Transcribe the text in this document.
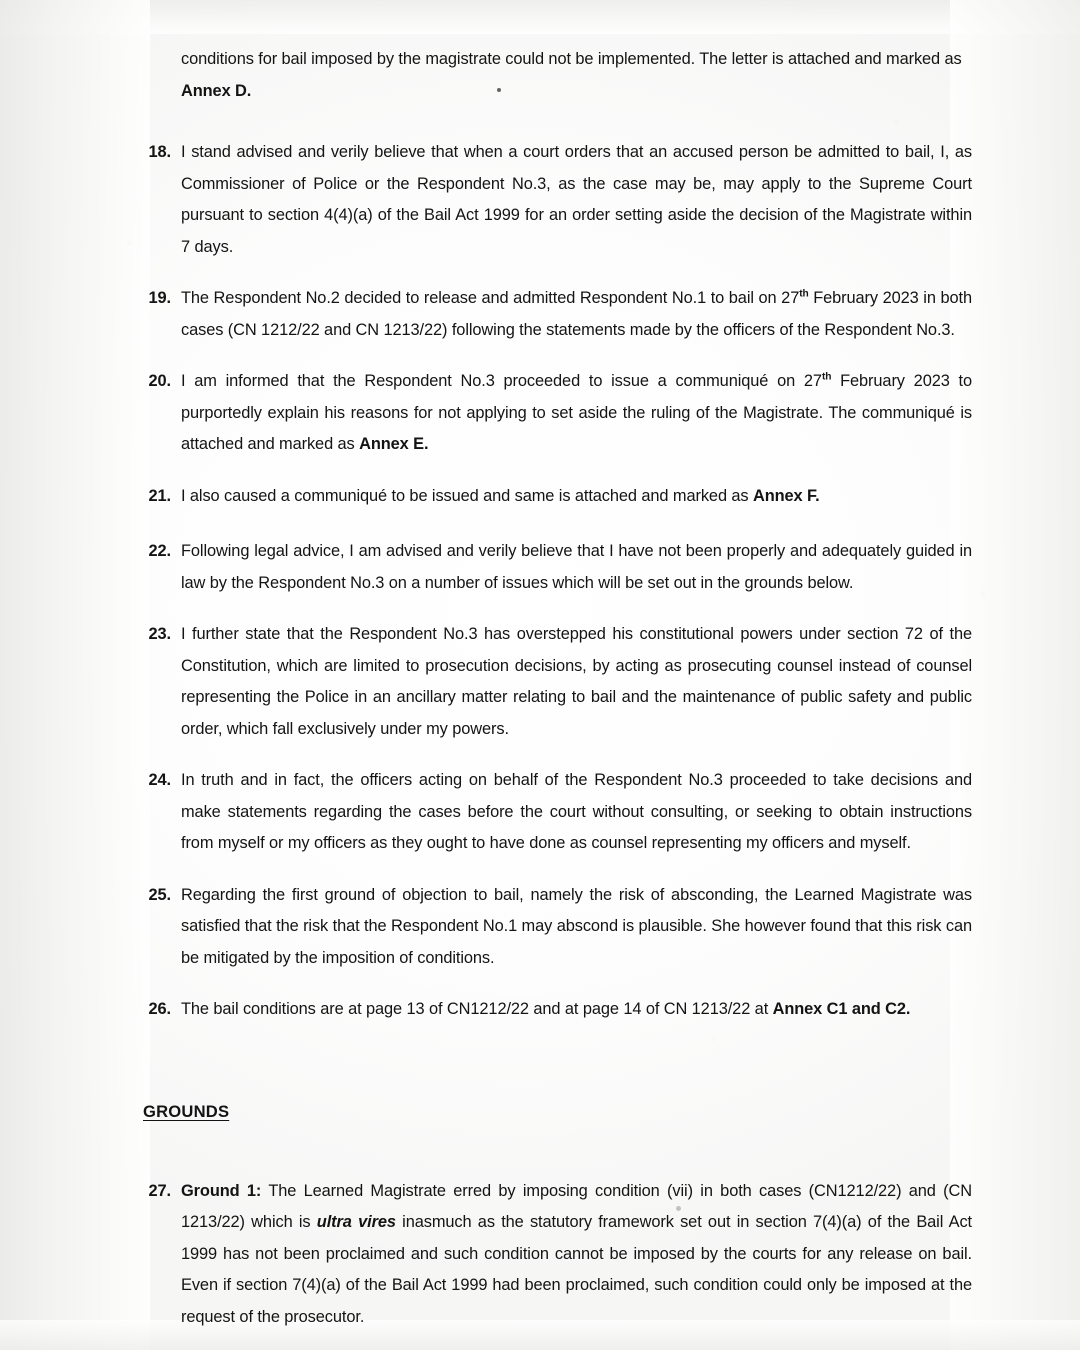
conditions for bail imposed by the magistrate could not be implemented. The letter is attached and marked as Annex D.
18. I stand advised and verily believe that when a court orders that an accused person be admitted to bail, I, as Commissioner of Police or the Respondent No.3, as the case may be, may apply to the Supreme Court pursuant to section 4(4)(a) of the Bail Act 1999 for an order setting aside the decision of the Magistrate within 7 days.
19. The Respondent No.2 decided to release and admitted Respondent No.1 to bail on 27th February 2023 in both cases (CN 1212/22 and CN 1213/22) following the statements made by the officers of the Respondent No.3.
20. I am informed that the Respondent No.3 proceeded to issue a communiqué on 27th February 2023 to purportedly explain his reasons for not applying to set aside the ruling of the Magistrate. The communiqué is attached and marked as Annex E.
21. I also caused a communiqué to be issued and same is attached and marked as Annex F.
22. Following legal advice, I am advised and verily believe that I have not been properly and adequately guided in law by the Respondent No.3 on a number of issues which will be set out in the grounds below.
23. I further state that the Respondent No.3 has overstepped his constitutional powers under section 72 of the Constitution, which are limited to prosecution decisions, by acting as prosecuting counsel instead of counsel representing the Police in an ancillary matter relating to bail and the maintenance of public safety and public order, which fall exclusively under my powers.
24. In truth and in fact, the officers acting on behalf of the Respondent No.3 proceeded to take decisions and make statements regarding the cases before the court without consulting, or seeking to obtain instructions from myself or my officers as they ought to have done as counsel representing my officers and myself.
25. Regarding the first ground of objection to bail, namely the risk of absconding, the Learned Magistrate was satisfied that the risk that the Respondent No.1 may abscond is plausible. She however found that this risk can be mitigated by the imposition of conditions.
26. The bail conditions are at page 13 of CN1212/22 and at page 14 of CN 1213/22 at Annex C1 and C2.
GROUNDS
27. Ground 1: The Learned Magistrate erred by imposing condition (vii) in both cases (CN1212/22) and (CN 1213/22) which is ultra vires inasmuch as the statutory framework set out in section 7(4)(a) of the Bail Act 1999 has not been proclaimed and such condition cannot be imposed by the courts for any release on bail. Even if section 7(4)(a) of the Bail Act 1999 had been proclaimed, such condition could only be imposed at the request of the prosecutor.
